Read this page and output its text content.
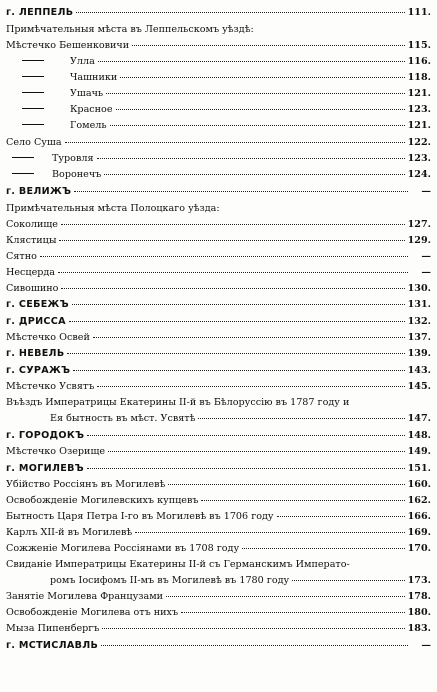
г. ЛЕППЕЛЬ	111.
Примѣчательныя мѣста въ Леппельскомъ уѣздѣ:
Мѣстечко Бешенковичи	115.
Улла	116.
Чашники	118.
Ушачь	121.
Красное	123.
Гомель	121.
Село Суша	122.
Туровля	123.
Воронечъ	124.
г. ВЕЛИЖЪ	—
Примѣчательныя мѣста Полоцкаго уѣзда:
Соколище	127.
Клястицы	129.
Сятно	—
Несцерда	—
Сивошино	130.
г. СЕБЕЖЪ	131.
г. ДРИССА	132.
Мѣстечко Освей	137.
г. НЕВЕЛЬ	139.
г. СУРАЖЪ	143.
Мѣстечко Усвятъ	145.
Въѣздъ Императрицы Екатерины II-й въ Бѣлоруссію въ 1787 году и
Ея бытность въ мѣст. Усвятѣ	147.
г. ГОРОДОКЪ	148.
Мѣстечко Озерище	149.
г. МОГИЛЕВЪ	151.
Убійство Россіянъ въ Могилевѣ	160.
Освобожденіе Могилевскихъ купцевъ	162.
Бытность Царя Петра I-го въ Могилевѣ въ 1706 году	166.
Карлъ XII-й въ Могилевѣ	169.
Сожженіе Могилева Россіянами въ 1708 году	170.
Свиданіе Императрицы Екатерины II-й съ Германскимъ Императо-
ромъ Іосифомъ II-мъ въ Могилевѣ въ 1780 году	173.
Занятіе Могилева Французами	178.
Освобожденіе Могилева отъ нихъ	180.
Мыза Пипенбергъ	183.
г. МСТИСЛАВЛЬ	—
